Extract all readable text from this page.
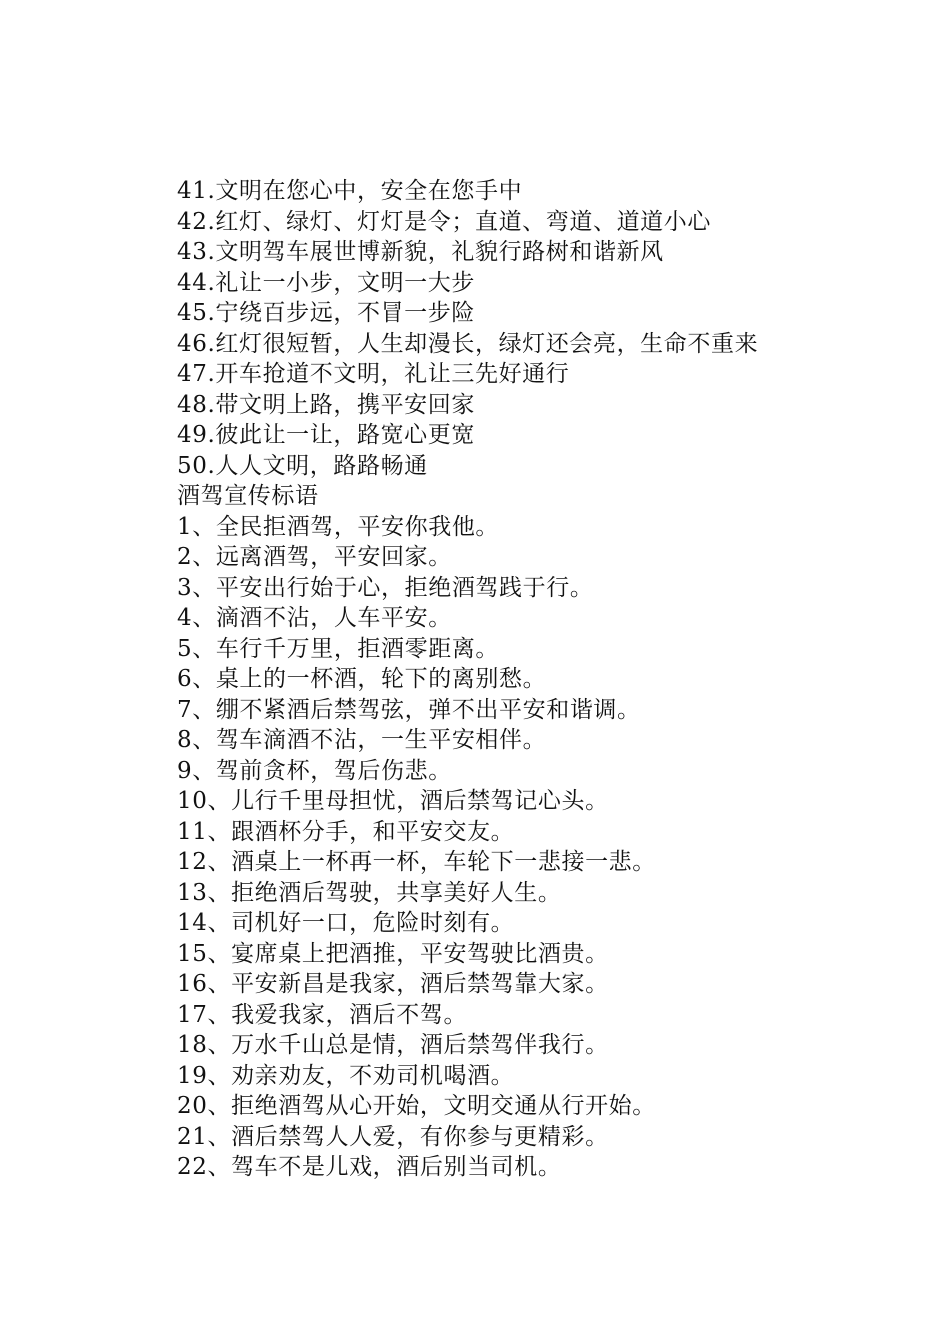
41.文明在您心中，安全在您手中
42.红灯、绿灯、灯灯是令；直道、弯道、道道小心
43.文明驾车展世博新貌，礼貌行路树和谐新风
44.礼让一小步，文明一大步
45.宁绕百步远，不冒一步险
46.红灯很短暂，人生却漫长，绿灯还会亮，生命不重来
47.开车抢道不文明，礼让三先好通行
48.带文明上路，携平安回家
49.彼此让一让，路宽心更宽
50.人人文明，路路畅通
酒驾宣传标语
1、全民拒酒驾，平安你我他。
2、远离酒驾，平安回家。
3、平安出行始于心，拒绝酒驾践于行。
4、滴酒不沾，人车平安。
5、车行千万里，拒酒零距离。
6、桌上的一杯酒，轮下的离别愁。
7、绷不紧酒后禁驾弦，弹不出平安和谐调。
8、驾车滴酒不沾，一生平安相伴。
9、驾前贪杯，驾后伤悲。
10、儿行千里母担忧，酒后禁驾记心头。
11、跟酒杯分手，和平安交友。
12、酒桌上一杯再一杯，车轮下一悲接一悲。
13、拒绝酒后驾驶，共享美好人生。
14、司机好一口，危险时刻有。
15、宴席桌上把酒推，平安驾驶比酒贵。
16、平安新昌是我家，酒后禁驾靠大家。
17、我爱我家，酒后不驾。
18、万水千山总是情，酒后禁驾伴我行。
19、劝亲劝友，不劝司机喝酒。
20、拒绝酒驾从心开始，文明交通从行开始。
21、酒后禁驾人人爱，有你参与更精彩。
22、驾车不是儿戏，酒后别当司机。
